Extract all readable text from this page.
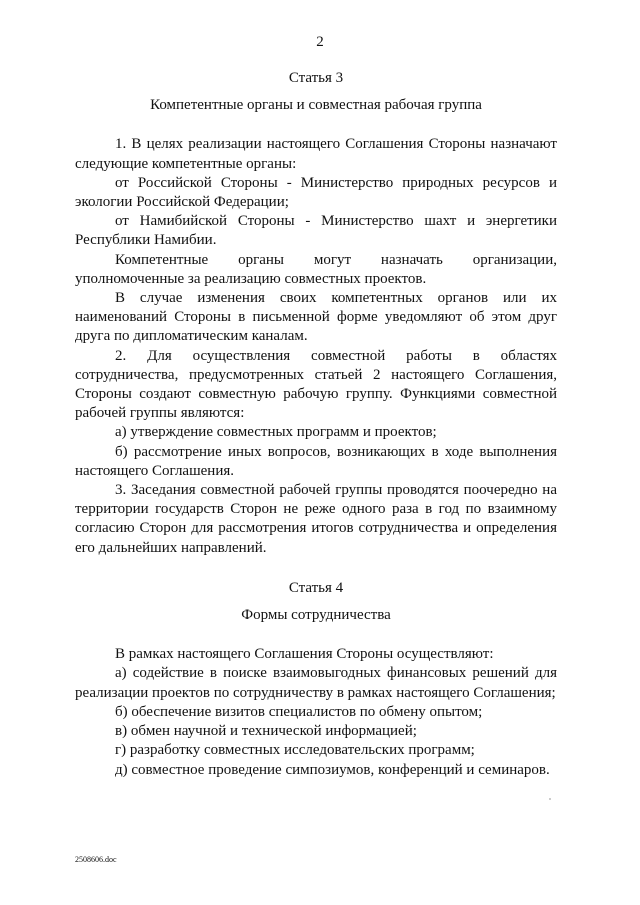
2
Статья 3
Компетентные органы и совместная рабочая группа

1. В целях реализации настоящего Соглашения Стороны назначают следующие компетентные органы:

от Российской Стороны - Министерство природных ресурсов и экологии Российской Федерации;

от Намибийской Стороны - Министерство шахт и энергетики Республики Намибии.

Компетентные органы могут назначать организации, уполномоченные за реализацию совместных проектов.

В случае изменения своих компетентных органов или их наименований Стороны в письменной форме уведомляют об этом друг друга по дипломатическим каналам.

2. Для осуществления совместной работы в областях сотрудничества, предусмотренных статьей 2 настоящего Соглашения, Стороны создают совместную рабочую группу. Функциями совместной рабочей группы являются:

а) утверждение совместных программ и проектов;

б) рассмотрение иных вопросов, возникающих в ходе выполнения настоящего Соглашения.

3. Заседания совместной рабочей группы проводятся поочередно на территории государств Сторон не реже одного раза в год по взаимному согласию Сторон для рассмотрения итогов сотрудничества и определения его дальнейших направлений.

Статья 4
Формы сотрудничества

В рамках настоящего Соглашения Стороны осуществляют:

а) содействие в поиске взаимовыгодных финансовых решений для реализации проектов по сотрудничеству в рамках настоящего Соглашения;

б) обеспечение визитов специалистов по обмену опытом;

в) обмен научной и технической информацией;

г) разработку совместных исследовательских программ;

д) совместное проведение симпозиумов, конференций и семинаров.

2508606.doc
